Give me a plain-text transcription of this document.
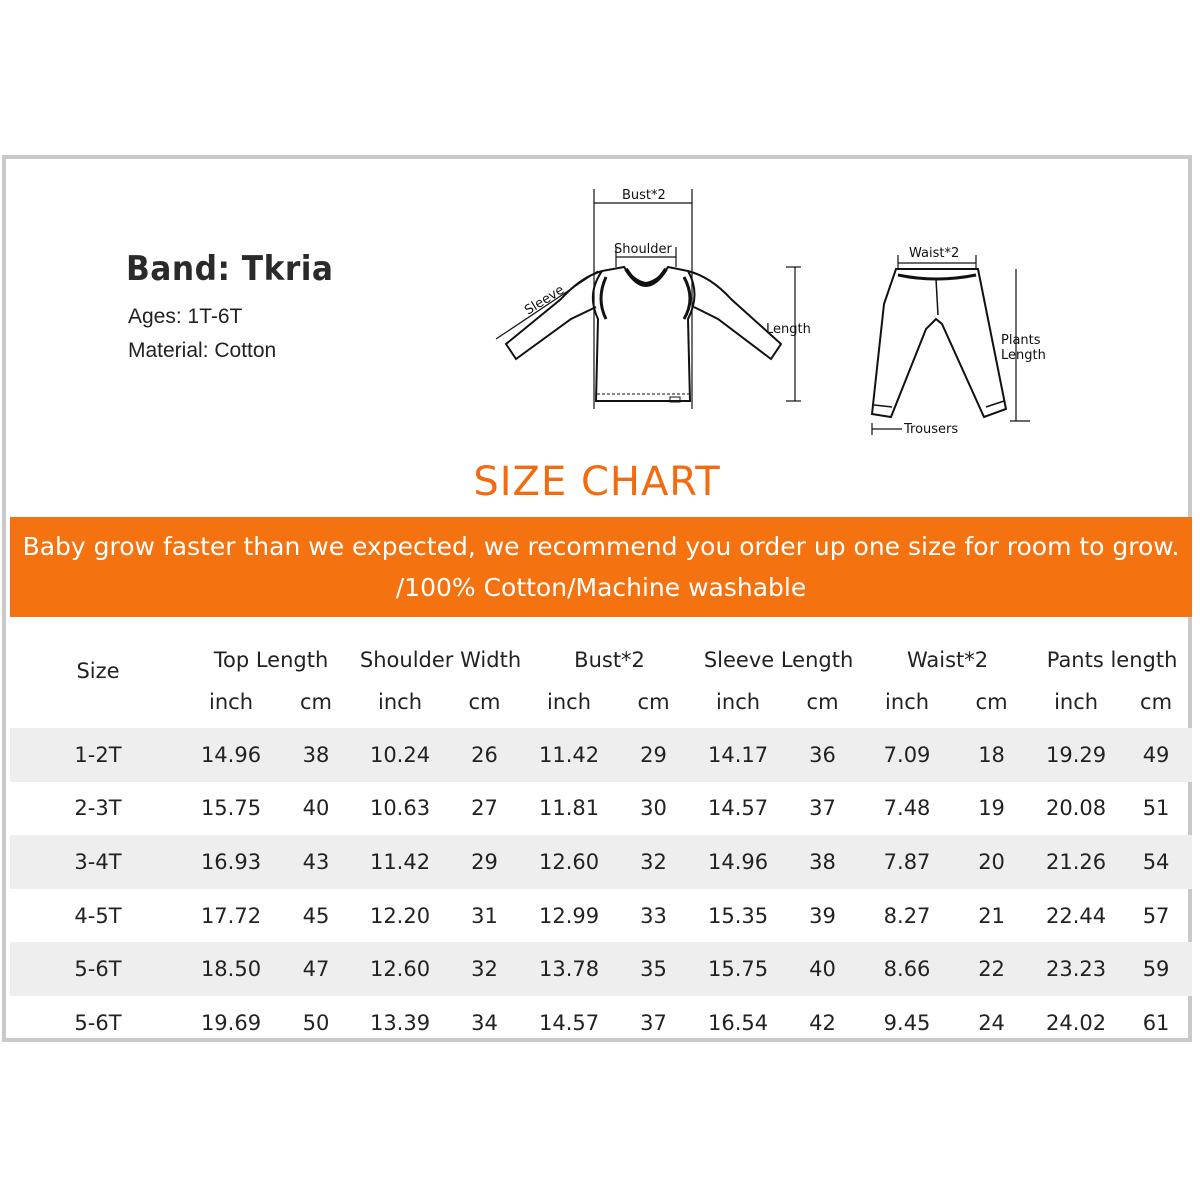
Band: Tkria
Ages: 1T-6T
Material: Cotton
Bust*2
Shoulder
Sleeve
Length
Waist*2
Plants
Length
Trousers
SIZE CHART
Baby grow faster than we expected, we recommend you order up one size for room to grow.
/100% Cotton/Machine washable
Size	Top Length		Shoulder Width		Bust*2		Sleeve Length		Waist*2		Pants length	
	inch	cm	inch	cm	inch	cm	inch	cm	inch	cm	inch	cm
1-2T	14.96	38	10.24	26	11.42	29	14.17	36	7.09	18	19.29	49
2-3T	15.75	40	10.63	27	11.81	30	14.57	37	7.48	19	20.08	51
3-4T	16.93	43	11.42	29	12.60	32	14.96	38	7.87	20	21.26	54
4-5T	17.72	45	12.20	31	12.99	33	15.35	39	8.27	21	22.44	57
5-6T	18.50	47	12.60	32	13.78	35	15.75	40	8.66	22	23.23	59
5-6T	19.69	50	13.39	34	14.57	37	16.54	42	9.45	24	24.02	61
